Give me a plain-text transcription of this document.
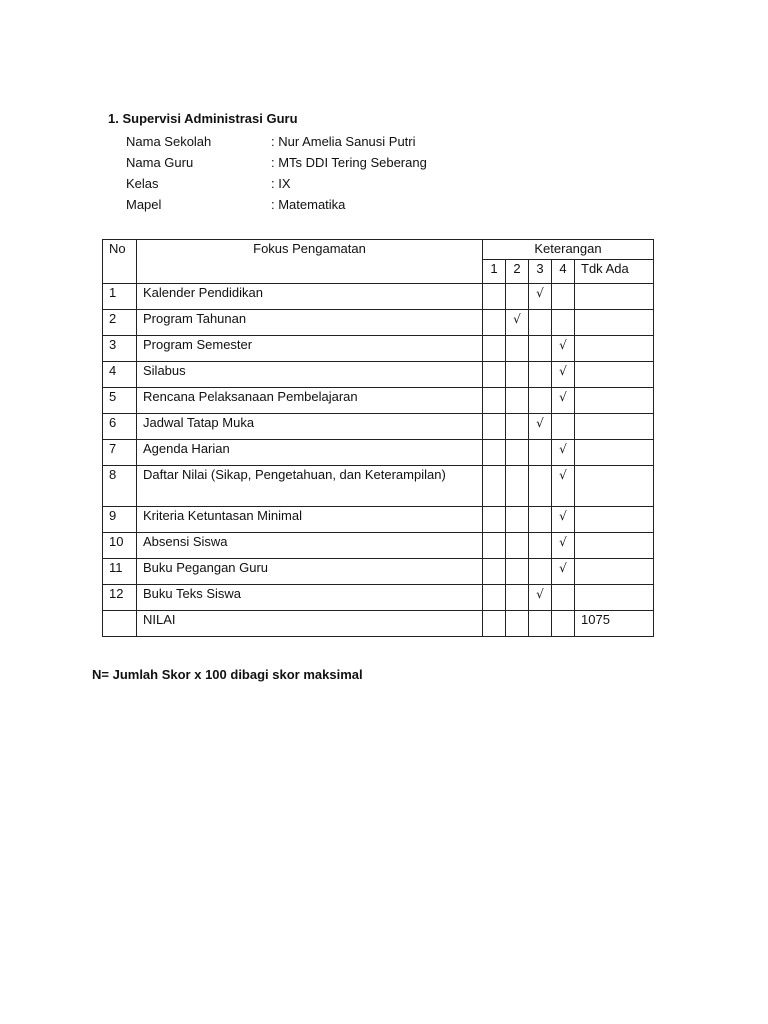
1. Supervisi Administrasi Guru
Nama Sekolah	: Nur Amelia Sanusi Putri
Nama Guru	: MTs DDI Tering Seberang
Kelas	: IX
Mapel	: Matematika
No	Fokus Pengamatan	Keterangan				
		1	2	3	4	Tdk Ada
1	Kalender Pendidikan			√		
2	Program Tahunan		√			
3	Program Semester				√	
4	Silabus				√	
5	Rencana Pelaksanaan Pembelajaran				√	
6	Jadwal Tatap Muka			√		
7	Agenda Harian				√	
8	Daftar Nilai (Sikap, Pengetahuan, dan Keterampilan)				√	
9	Kriteria Ketuntasan Minimal				√	
10	Absensi Siswa				√	
11	Buku Pegangan Guru				√	
12	Buku Teks Siswa			√		
	NILAI					1075
N= Jumlah Skor x 100 dibagi skor maksimal
